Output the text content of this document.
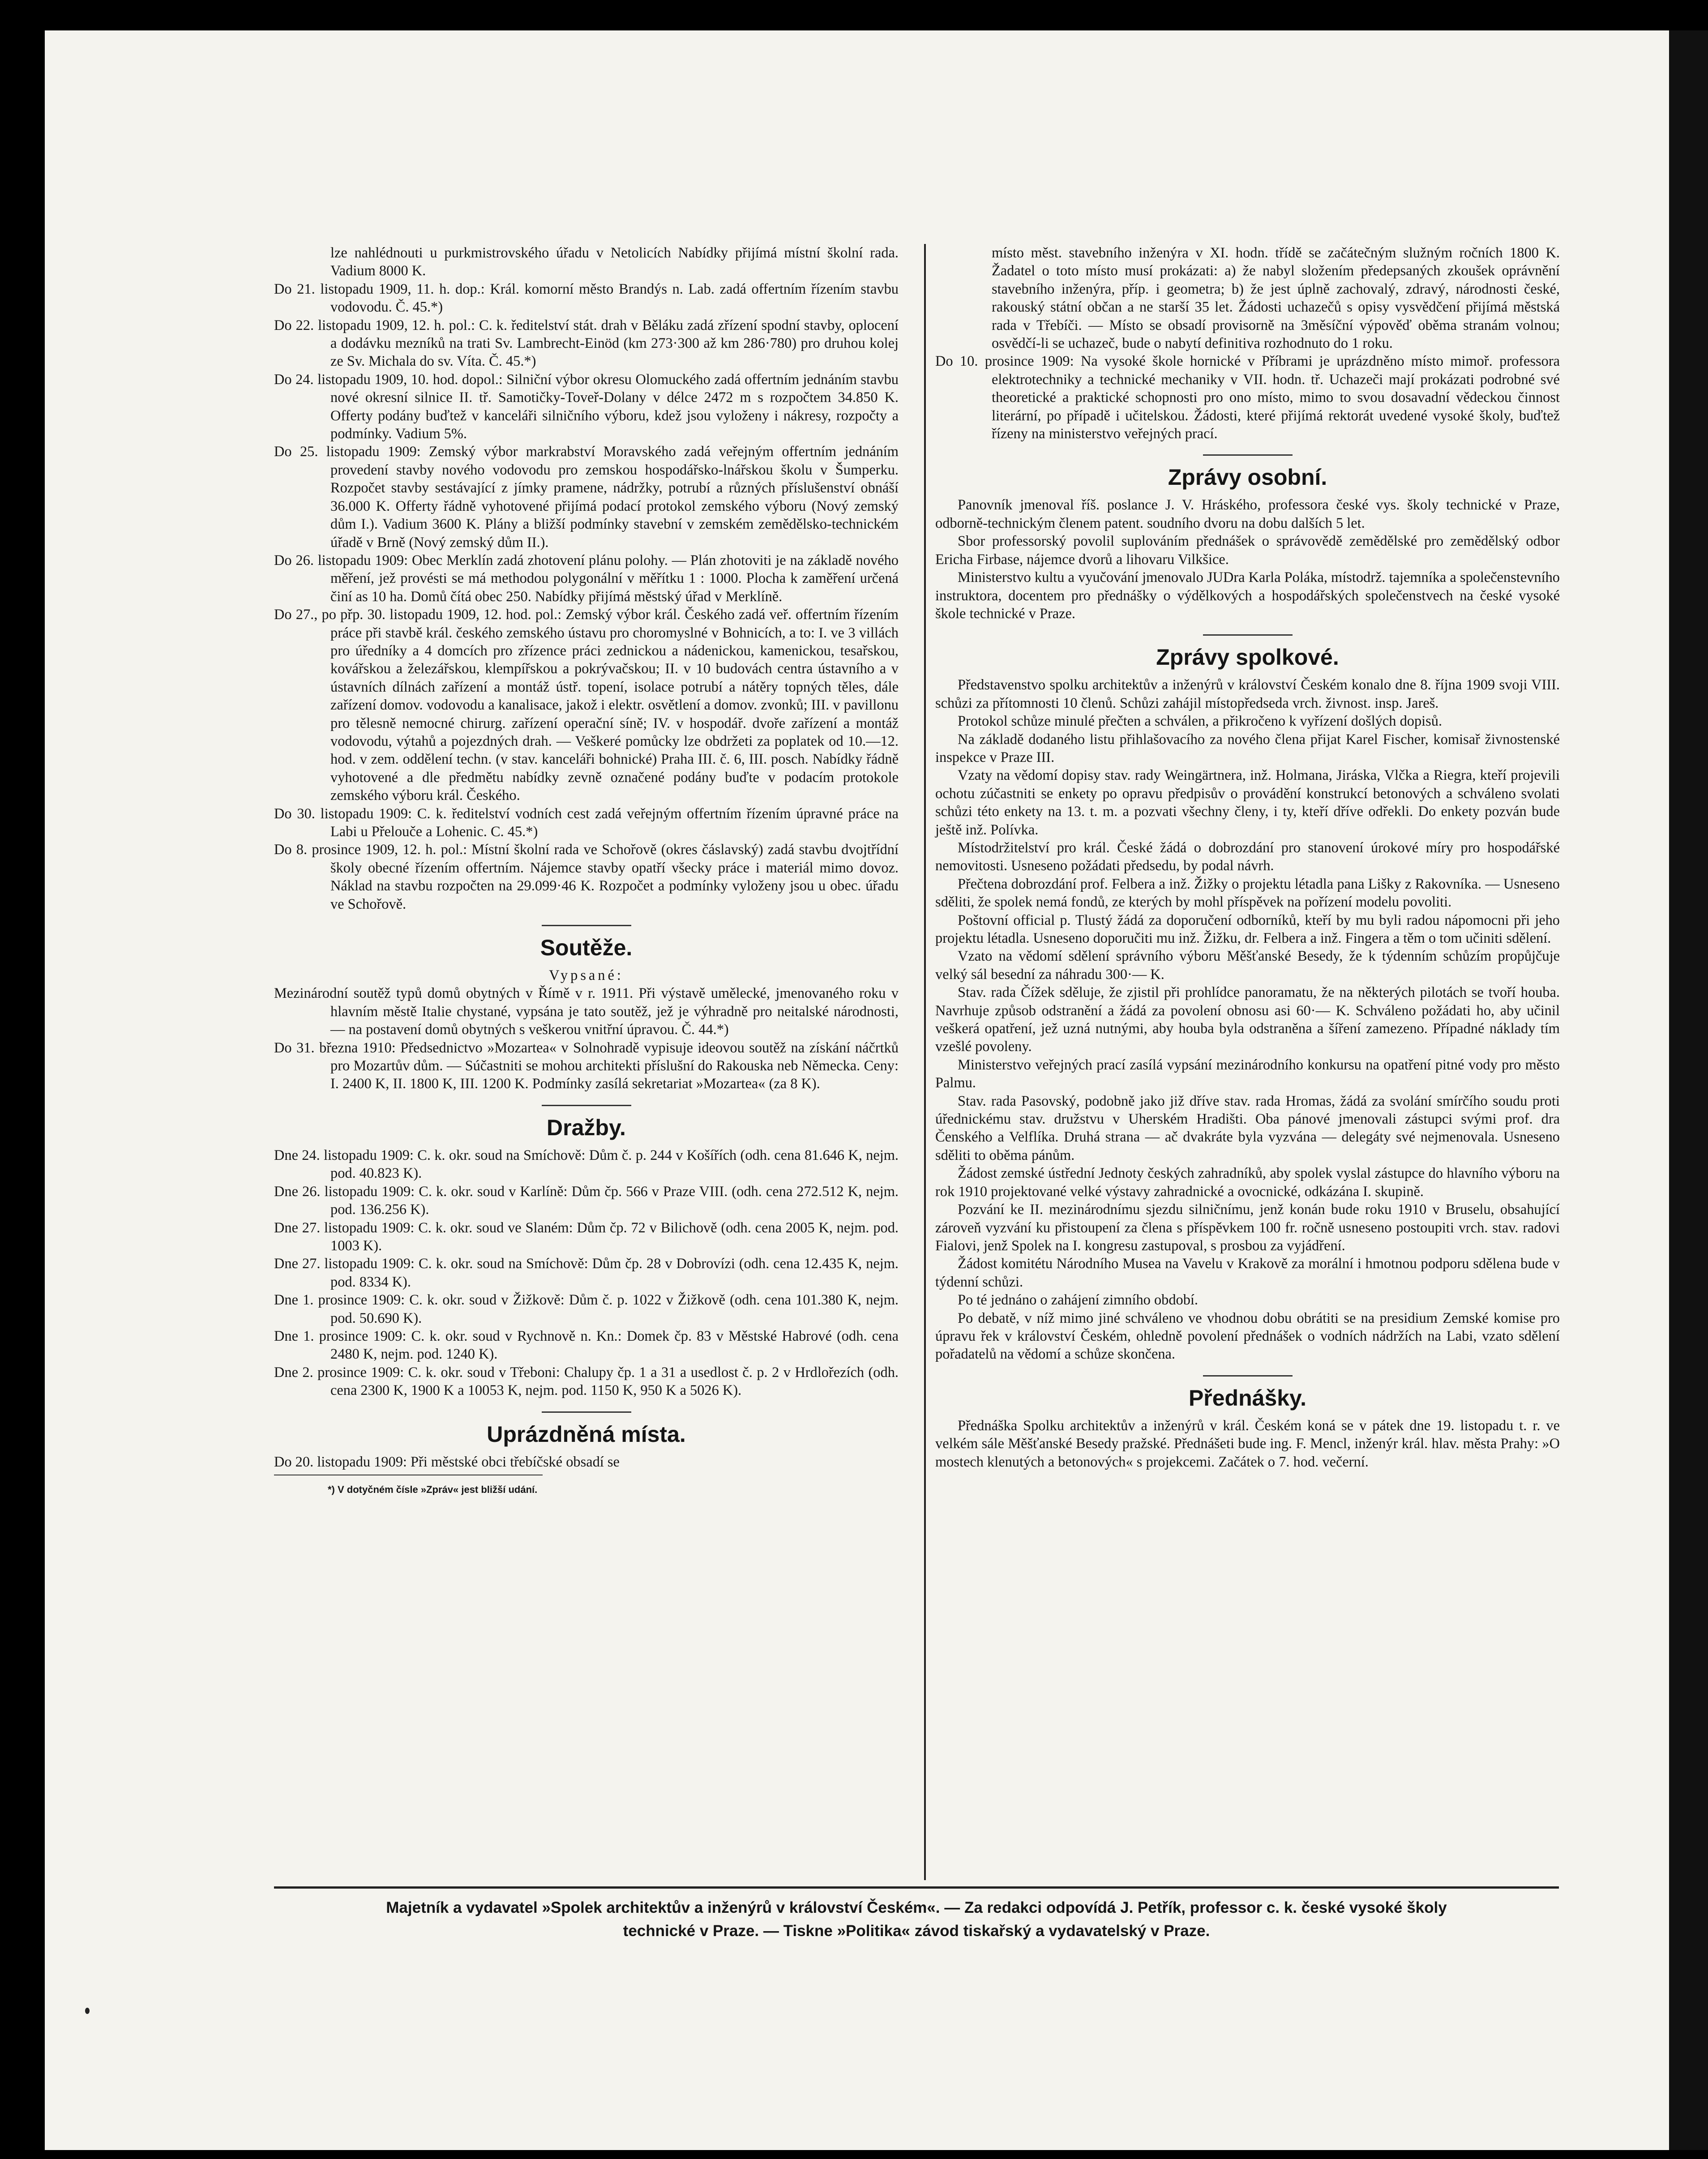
lze nahlédnouti u purkmistrovského úřadu v Netolicích Nabídky přijímá místní školní rada. Vadium 8000 K.

Do 21. listopadu 1909, 11. h. dop.: Král. komorní město Brandýs n. Lab. zadá offertním řízením stavbu vodovodu. Č. 45.*)

Do 22. listopadu 1909, 12. h. pol.: C. k. ředitelství stát. drah v Běláku zadá zřízení spodní stavby, oplocení a dodávku mezníků na trati Sv. Lambrecht-Einöd (km 273·300 až km 286·780) pro druhou kolej ze Sv. Michala do sv. Víta. Č. 45.*)

Do 24. listopadu 1909, 10. hod. dopol.: Silniční výbor okresu Olomuckého zadá offertním jednáním stavbu nové okresní silnice II. tř. Samotičky-Toveř-Dolany v délce 2472 m s rozpočtem 34.850 K. Offerty podány buďtež v kanceláři silničního výboru, kdež jsou vyloženy i nákresy, rozpočty a podmínky. Vadium 5%.

Do 25. listopadu 1909: Zemský výbor markrabství Moravského zadá veřejným offertním jednáním provedení stavby nového vodovodu pro zemskou hospodářsko-lnářskou školu v Šumperku. Rozpočet stavby sestávající z jímky pramene, nádržky, potrubí a různých příslušenství obnáší 36.000 K. Offerty řádně vyhotovené přijímá podací protokol zemského výboru (Nový zemský dům I.). Vadium 3600 K. Plány a bližší podmínky stavební v zemském zemědělsko-technickém úřadě v Brně (Nový zemský dům II.).

Do 26. listopadu 1909: Obec Merklín zadá zhotovení plánu polohy. — Plán zhotoviti je na základě nového měření, jež provésti se má methodou polygonální v měřítku 1 : 1000. Plocha k zaměření určená činí as 10 ha. Domů čítá obec 250. Nabídky přijímá městský úřad v Merklíně.

Do 27., po přp. 30. listopadu 1909, 12. hod. pol.: Zemský výbor král. Českého zadá veř. offertním řízením práce při stavbě král. českého zemského ústavu pro choromyslné v Bohnicích, a to: I. ve 3 villách pro úředníky a 4 domcích pro zřízence práci zednickou a nádenickou, kamenickou, tesařskou, kovářskou a železářskou, klempířskou a pokrývačskou; II. v 10 budovách centra ústavního a v ústavních dílnách zařízení a montáž ústř. topení, isolace potrubí a nátěry topných těles, dále zařízení domov. vodovodu a kanalisace, jakož i elektr. osvětlení a domov. zvonků; III. v pavillonu pro tělesně nemocné chirurg. zařízení operační síně; IV. v hospodář. dvoře zařízení a montáž vodovodu, výtahů a pojezdných drah. — Veškeré pomůcky lze obdržeti za poplatek od 10.—12. hod. v zem. oddělení techn. (v stav. kanceláři bohnické) Praha III. č. 6, III. posch. Nabídky řádně vyhotovené a dle předmětu nabídky zevně označené podány buďte v podacím protokole zemského výboru král. Českého.

Do 30. listopadu 1909: C. k. ředitelství vodních cest zadá veřejným offertním řízením úpravné práce na Labi u Přelouče a Lohenic. C. 45.*)

Do 8. prosince 1909, 12. h. pol.: Místní školní rada ve Schořově (okres čáslavský) zadá stavbu dvojtřídní školy obecné řízením offertním. Nájemce stavby opatří všecky práce i materiál mimo dovoz. Náklad na stavbu rozpočten na 29.099·46 K. Rozpočet a podmínky vyloženy jsou u obec. úřadu ve Schořově.

Soutěže.

Vypsané:

Mezinárodní soutěž typů domů obytných v Římě v r. 1911. Při výstavě umělecké, jmenovaného roku v hlavním městě Italie chystané, vypsána je tato soutěž, jež je výhradně pro neitalské národnosti, — na postavení domů obytných s veškerou vnitřní úpravou. Č. 44.*)

Do 31. března 1910: Předsednictvo »Mozartea« v Solnohradě vypisuje ideovou soutěž na získání náčrtků pro Mozartův dům. — Súčastniti se mohou architekti příslušní do Rakouska neb Německa. Ceny: I. 2400 K, II. 1800 K, III. 1200 K. Podmínky zasílá sekretariat »Mozartea« (za 8 K).

Dražby.

Dne 24. listopadu 1909: C. k. okr. soud na Smíchově: Dům č. p. 244 v Košířích (odh. cena 81.646 K, nejm. pod. 40.823 K).

Dne 26. listopadu 1909: C. k. okr. soud v Karlíně: Dům čp. 566 v Praze VIII. (odh. cena 272.512 K, nejm. pod. 136.256 K).

Dne 27. listopadu 1909: C. k. okr. soud ve Slaném: Dům čp. 72 v Bilichově (odh. cena 2005 K, nejm. pod. 1003 K).

Dne 27. listopadu 1909: C. k. okr. soud na Smíchově: Dům čp. 28 v Dobrovízi (odh. cena 12.435 K, nejm. pod. 8334 K).

Dne 1. prosince 1909: C. k. okr. soud v Žižkově: Dům č. p. 1022 v Žižkově (odh. cena 101.380 K, nejm. pod. 50.690 K).

Dne 1. prosince 1909: C. k. okr. soud v Rychnově n. Kn.: Domek čp. 83 v Městské Habrové (odh. cena 2480 K, nejm. pod. 1240 K).

Dne 2. prosince 1909: C. k. okr. soud v Třeboni: Chalupy čp. 1 a 31 a usedlost č. p. 2 v Hrdlořezích (odh. cena 2300 K, 1900 K a 10053 K, nejm. pod. 1150 K, 950 K a 5026 K).

Uprázdněná místa.

Do 20. listopadu 1909: Při městské obci třebíčské obsadí se

*) V dotyčném čísle »Zpráv« jest bližší udání.

místo měst. stavebního inženýra v XI. hodn. třídě se začátečným služným ročních 1800 K. Žadatel o toto místo musí prokázati: a) že nabyl složením předepsaných zkoušek oprávnění stavebního inženýra, příp. i geometra; b) že jest úplně zachovalý, zdravý, národnosti české, rakouský státní občan a ne starší 35 let. Žádosti uchazečů s opisy vysvědčení přijímá městská rada v Třebíči. — Místo se obsadí provisorně na 3měsíční výpověď oběma stranám volnou; osvědčí-li se uchazeč, bude o nabytí definitiva rozhodnuto do 1 roku.

Do 10. prosince 1909: Na vysoké škole hornické v Příbrami je uprázdněno místo mimoř. professora elektrotechniky a technické mechaniky v VII. hodn. tř. Uchazeči mají prokázati podrobné své theoretické a praktické schopnosti pro ono místo, mimo to svou dosavadní vědeckou činnost literární, po případě i učitelskou. Žádosti, které přijímá rektorát uvedené vysoké školy, buďtež řízeny na ministerstvo veřejných prací.

Zprávy osobní.

Panovník jmenoval říš. poslance J. V. Hráského, professora české vys. školy technické v Praze, odborně-technickým členem patent. soudního dvoru na dobu dalších 5 let.

Sbor professorský povolil suplováním přednášek o správovědě zemědělské pro zemědělský odbor Ericha Firbase, nájemce dvorů a lihovaru Vilkšice.

Ministerstvo kultu a vyučování jmenovalo JUDra Karla Poláka, místodrž. tajemníka a společenstevního instruktora, docentem pro přednášky o výdělkových a hospodářských společenstvech na české vysoké škole technické v Praze.

Zprávy spolkové.

Představenstvo spolku architektův a inženýrů v království Českém konalo dne 8. října 1909 svoji VIII. schůzi za přítomnosti 10 členů. Schůzi zahájil místopředseda vrch. živnost. insp. Jareš.

Protokol schůze minulé přečten a schválen, a přikročeno k vyřízení došlých dopisů.

Na základě dodaného listu přihlašovacího za nového člena přijat Karel Fischer, komisař živnostenské inspekce v Praze III.

Vzaty na vědomí dopisy stav. rady Weingärtnera, inž. Holmana, Jiráska, Vlčka a Riegra, kteří projevili ochotu zúčastniti se enkety po opravu předpisův o provádění konstrukcí betonových a schváleno svolati schůzi této enkety na 13. t. m. a pozvati všechny členy, i ty, kteří dříve odřekli. Do enkety pozván bude ještě inž. Polívka.

Místodržitelství pro král. České žádá o dobrozdání pro stanovení úrokové míry pro hospodářské nemovitosti. Usneseno požádati předsedu, by podal návrh.

Přečtena dobrozdání prof. Felbera a inž. Žižky o projektu létadla pana Lišky z Rakovníka. — Usneseno sděliti, že spolek nemá fondů, ze kterých by mohl příspěvek na pořízení modelu povoliti.

Poštovní official p. Tlustý žádá za doporučení odborníků, kteří by mu byli radou nápomocni při jeho projektu létadla. Usneseno doporučiti mu inž. Žižku, dr. Felbera a inž. Fingera a těm o tom učiniti sdělení.

Vzato na vědomí sdělení správního výboru Měšťanské Besedy, že k týdenním schůzím propůjčuje velký sál besední za náhradu 300·— K.

Stav. rada Čížek sděluje, že zjistil při prohlídce panoramatu, že na některých pilotách se tvoří houba. Navrhuje způsob odstranění a žádá za povolení obnosu asi 60·— K. Schváleno požádati ho, aby učinil veškerá opatření, jež uzná nutnými, aby houba byla odstraněna a šíření zamezeno. Případné náklady tím vzešlé povoleny.

Ministerstvo veřejných prací zasílá vypsání mezinárodního konkursu na opatření pitné vody pro město Palmu.

Stav. rada Pasovský, podobně jako již dříve stav. rada Hromas, žádá za svolání smírčího soudu proti úřednickému stav. družstvu v Uherském Hradišti. Oba pánové jmenovali zástupci svými prof. dra Čenského a Velflíka. Druhá strana — ač dvakráte byla vyzvána — delegáty své nejmenovala. Usneseno sděliti to oběma pánům.

Žádost zemské ústřední Jednoty českých zahradníků, aby spolek vyslal zástupce do hlavního výboru na rok 1910 projektované velké výstavy zahradnické a ovocnické, odkázána I. skupině.

Pozvání ke II. mezinárodnímu sjezdu silničnímu, jenž konán bude roku 1910 v Bruselu, obsahující zároveň vyzvání ku přistoupení za člena s příspěvkem 100 fr. ročně usneseno postoupiti vrch. stav. radovi Fialovi, jenž Spolek na I. kongresu zastupoval, s prosbou za vyjádření.

Žádost komitétu Národního Musea na Vavelu v Krakově za morální i hmotnou podporu sdělena bude v týdenní schůzi.

Po té jednáno o zahájení zimního období.

Po debatě, v níž mimo jiné schváleno ve vhodnou dobu obrátiti se na presidium Zemské komise pro úpravu řek v království Českém, ohledně povolení přednášek o vodních nádržích na Labi, vzato sdělení pořadatelů na vědomí a schůze skončena.

Přednášky.

Přednáška Spolku architektův a inženýrů v král. Českém koná se v pátek dne 19. listopadu t. r. ve velkém sále Měšťanské Besedy pražské. Přednášeti bude ing. F. Mencl, inženýr král. hlav. města Prahy: »O mostech klenutých a betonových« s projekcemi. Začátek o 7. hod. večerní.

Majetník a vydavatel »Spolek architektův a inženýrů v království Českém«. — Za redakci odpovídá J. Petřík, professor c. k. české vysoké školy
technické v Praze. — Tiskne »Politika« závod tiskařský a vydavatelský v Praze.
